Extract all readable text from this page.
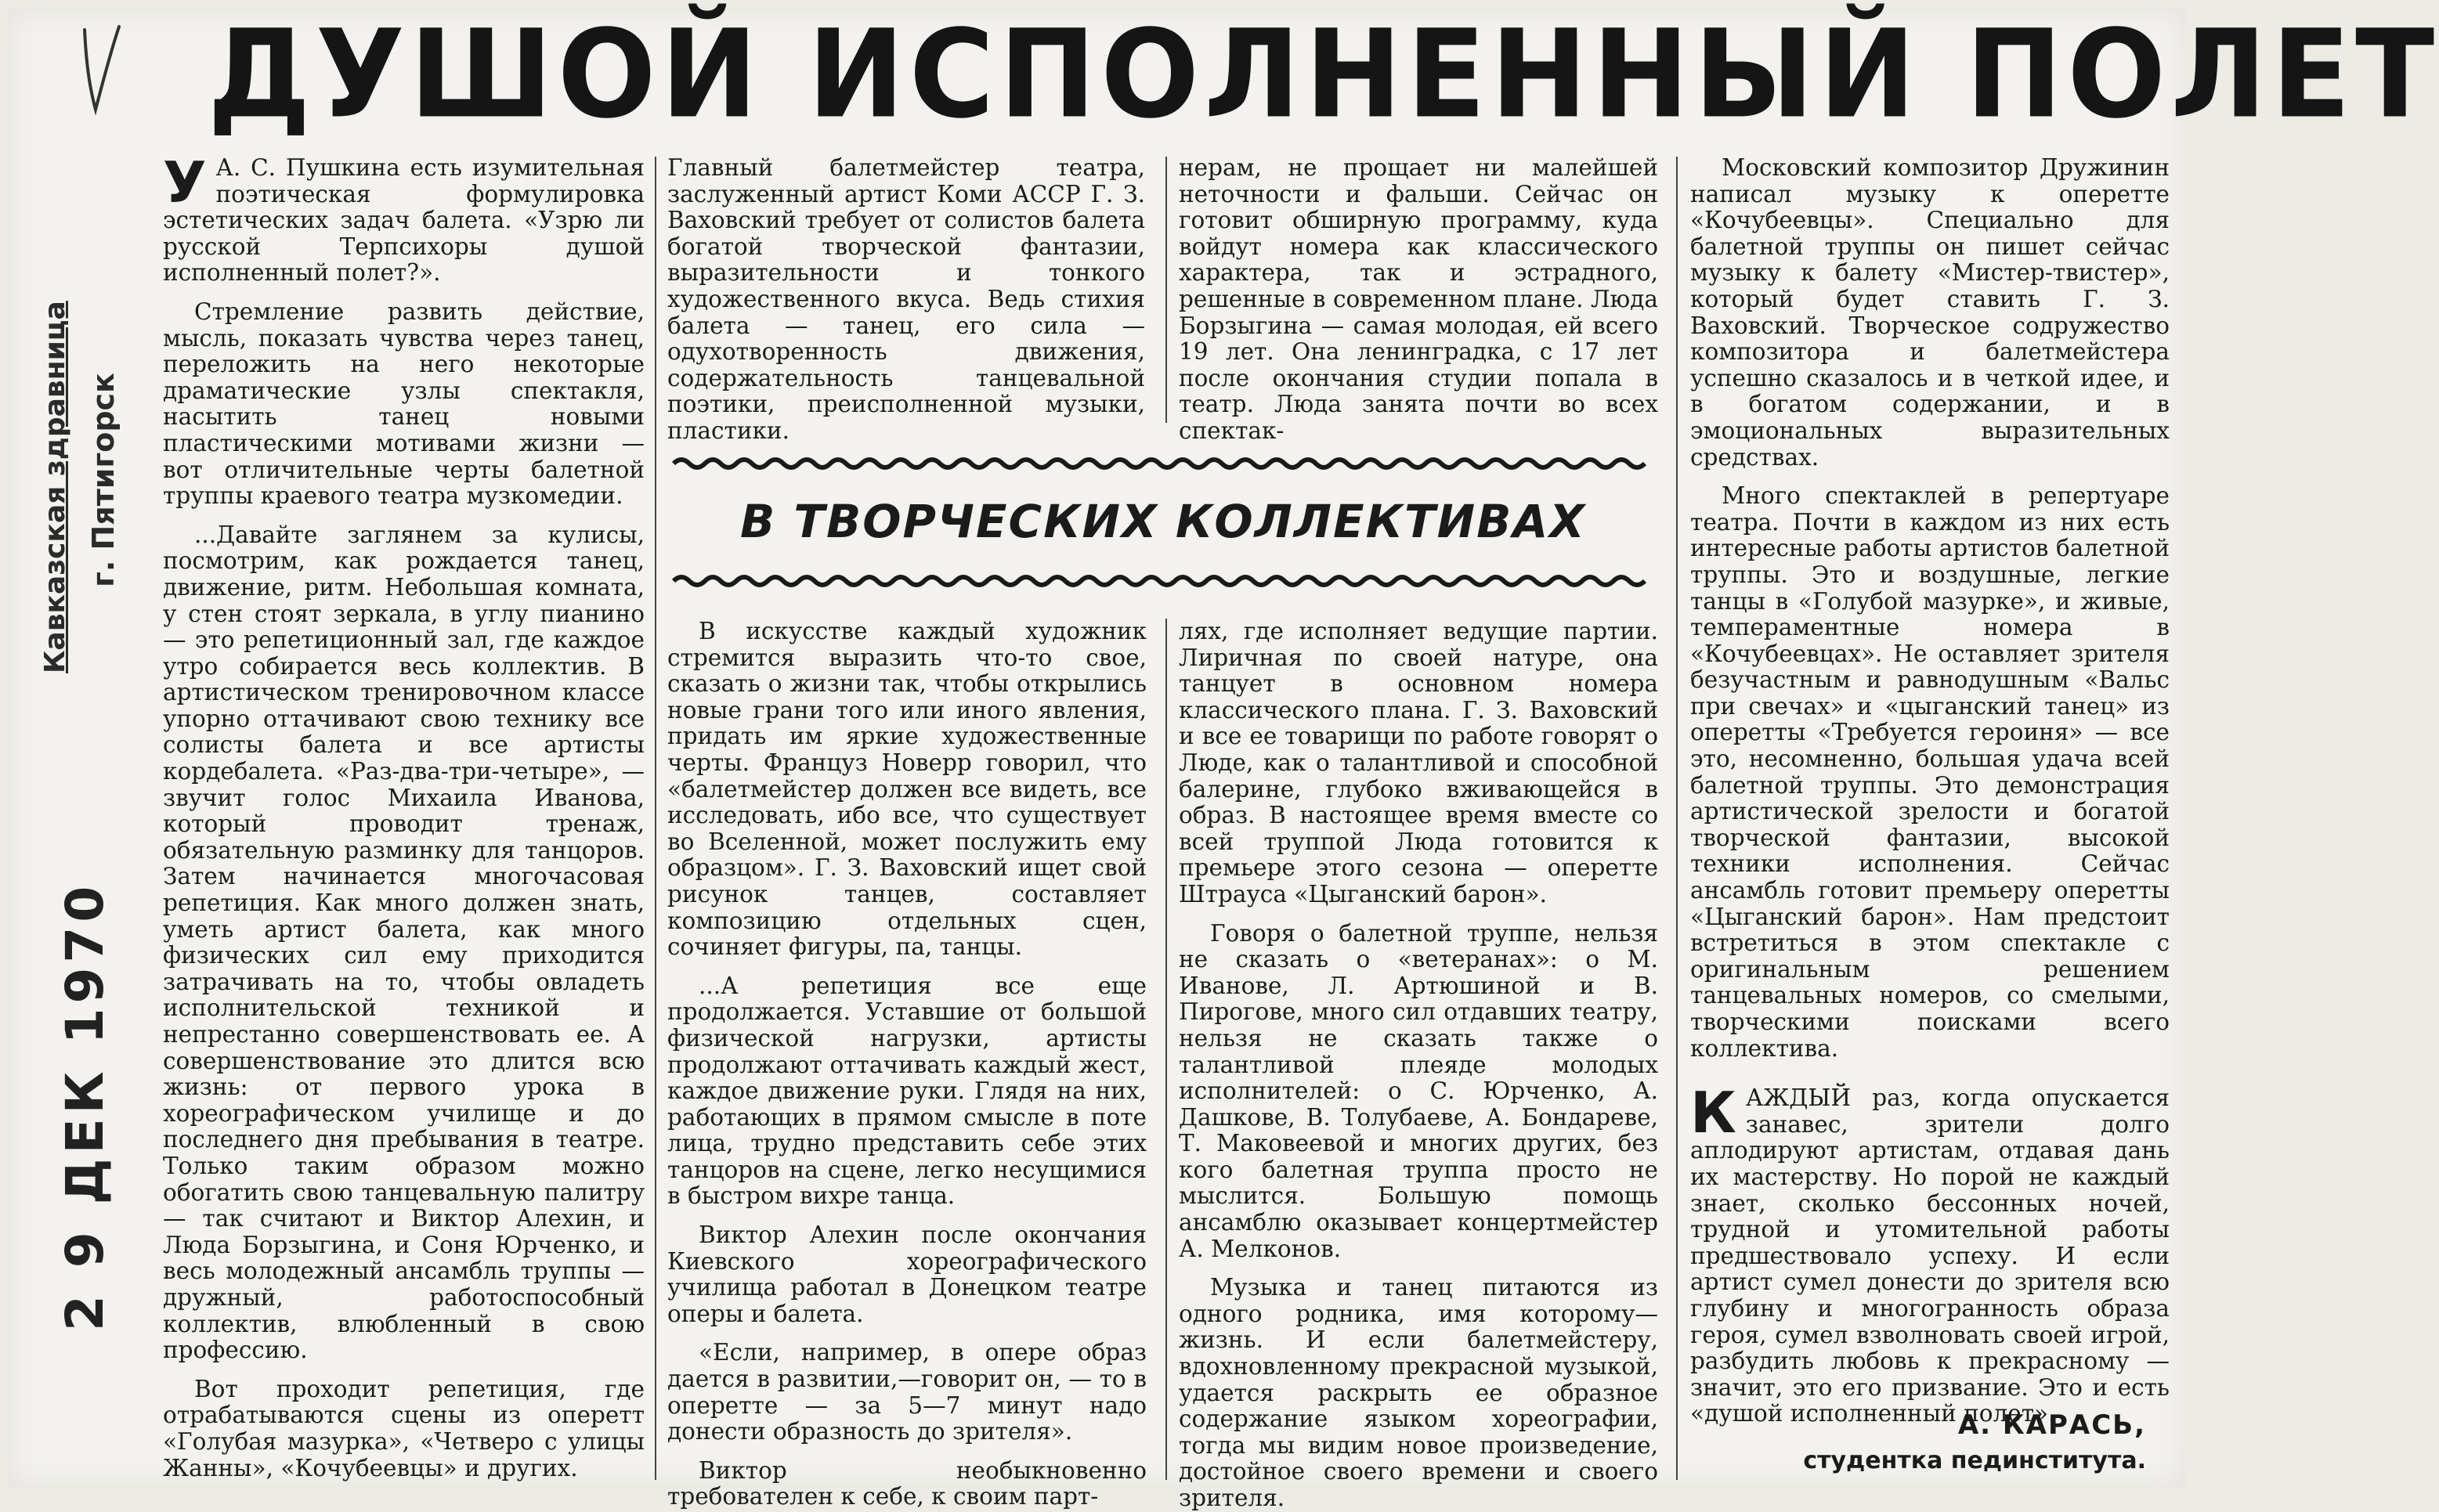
ДУШОЙ ИСПОЛНЕННЫЙ ПОЛЕТ
Кавказская здравница г. Пятигорск
2 9 ДЕК 1970

У А. С. Пушкина есть изумительная поэтическая формулировка эстетических задач балета. «Узрю ли русской Терпсихоры душой исполненный полет?».

Стремление развить действие, мысль, показать чувства через танец, переложить на него некоторые драматические узлы спектакля, насытить танец новыми пластическими мотивами жизни — вот отличительные черты балетной труппы краевого театра музкомедии.

...Давайте заглянем за кулисы, посмотрим, как рождается танец, движение, ритм. Небольшая комната, у стен стоят зеркала, в углу пианино — это репетиционный зал, где каждое утро собирается весь коллектив. В артистическом тренировочном классе упорно оттачивают свою технику все солисты балета и все артисты кордебалета. «Раз-два-три-четыре», — звучит голос Михаила Иванова, который проводит тренаж, обязательную разминку для танцоров. Затем начинается многочасовая репетиция. Как много должен знать, уметь артист балета, как много физических сил ему приходится затрачивать на то, чтобы овладеть исполнительской техникой и непрестанно совершенствовать ее. А совершенствование это длится всю жизнь: от первого урока в хореографическом училище и до последнего дня пребывания в театре. Только таким образом можно обогатить свою танцевальную палитру — так считают и Виктор Алехин, и Люда Борзыгина, и Соня Юрченко, и весь молодежный ансамбль труппы — дружный, работоспособный коллектив, влюбленный в свою профессию.

Вот проходит репетиция, где отрабатываются сцены из оперетт «Голубая мазурка», «Четверо с улицы Жанны», «Кочубеевцы» и других.

Главный балетмейстер театра, заслуженный артист Коми АССР Г. З. Ваховский требует от солистов балета богатой творческой фантазии, выразительности и тонкого художественного вкуса. Ведь стихия балета — танец, его сила — одухотворенность движения, содержательность танцевальной поэтики, преисполненной музыки, пластики.

нерам, не прощает ни малейшей неточности и фальши. Сейчас он готовит обширную программу, куда войдут номера как классического характера, так и эстрадного, решенные в современном плане. Люда Борзыгина — самая молодая, ей всего 19 лет. Она ленинградка, с 17 лет после окончания студии попала в театр. Люда занята почти во всех спектак-

В ТВОРЧЕСКИХ КОЛЛЕКТИВАХ

В искусстве каждый художник стремится выразить что-то свое, сказать о жизни так, чтобы открылись новые грани того или иного явления, придать им яркие художественные черты. Француз Новерр говорил, что «балетмейстер должен все видеть, все исследовать, ибо все, что существует во Вселенной, может послужить ему образцом». Г. З. Ваховский ищет свой рисунок танцев, составляет композицию отдельных сцен, сочиняет фигуры, па, танцы.

...А репетиция все еще продолжается. Уставшие от большой физической нагрузки, артисты продолжают оттачивать каждый жест, каждое движение руки. Глядя на них, работающих в прямом смысле в поте лица, трудно представить себе этих танцоров на сцене, легко несущимися в быстром вихре танца.

Виктор Алехин после окончания Киевского хореографического училища работал в Донецком театре оперы и балета.

«Если, например, в опере образ дается в развитии,—говорит он, — то в оперетте — за 5—7 минут надо донести образность до зрителя».

Виктор необыкновенно требователен к себе, к своим парт-

лях, где исполняет ведущие партии. Лиричная по своей натуре, она танцует в основном номера классического плана. Г. З. Ваховский и все ее товарищи по работе говорят о Люде, как о талантливой и способной балерине, глубоко вживающейся в образ. В настоящее время вместе со всей труппой Люда готовится к премьере этого сезона — оперетте Штрауса «Цыганский барон».

Говоря о балетной труппе, нельзя не сказать о «ветеранах»: о М. Иванове, Л. Артюшиной и В. Пирогове, много сил отдавших театру, нельзя не сказать также о талантливой плеяде молодых исполнителей: о С. Юрченко, А. Дашкове, В. Толубаеве, А. Бондареве, Т. Маковеевой и многих других, без кого балетная труппа просто не мыслится. Большую помощь ансамблю оказывает концертмейстер А. Мелконов.

Музыка и танец питаются из одного родника, имя которому—жизнь. И если балетмейстеру, вдохновленному прекрасной музыкой, удается раскрыть ее образное содержание языком хореографии, тогда мы видим новое произведение, достойное своего времени и своего зрителя.

Московский композитор Дружинин написал музыку к оперетте «Кочубеевцы». Специально для балетной труппы он пишет сейчас музыку к балету «Мистер-твистер», который будет ставить Г. З. Ваховский. Творческое содружество композитора и балетмейстера успешно сказалось и в четкой идее, и в богатом содержании, и в эмоциональных выразительных средствах.

Много спектаклей в репертуаре театра. Почти в каждом из них есть интересные работы артистов балетной труппы. Это и воздушные, легкие танцы в «Голубой мазурке», и живые, темпераментные номера в «Кочубеевцах». Не оставляет зрителя безучастным и равнодушным «Вальс при свечах» и «цыганский танец» из оперетты «Требуется героиня» — все это, несомненно, большая удача всей балетной труппы. Это демонстрация артистической зрелости и богатой творческой фантазии, высокой техники исполнения. Сейчас ансамбль готовит премьеру оперетты «Цыганский барон». Нам предстоит встретиться в этом спектакле с оригинальным решением танцевальных номеров, со смелыми, творческими поисками всего коллектива.

К АЖДЫЙ раз, когда опускается занавес, зрители долго аплодируют артистам, отдавая дань их мастерству. Но порой не каждый знает, сколько бессонных ночей, трудной и утомительной работы предшествовало успеху. И если артист сумел донести до зрителя всю глубину и многогранность образа героя, сумел взволновать своей игрой, разбудить любовь к прекрасному — значит, это его призвание. Это и есть «душой исполненный полет».

А. КАРАСЬ,
студентка пединститута.
